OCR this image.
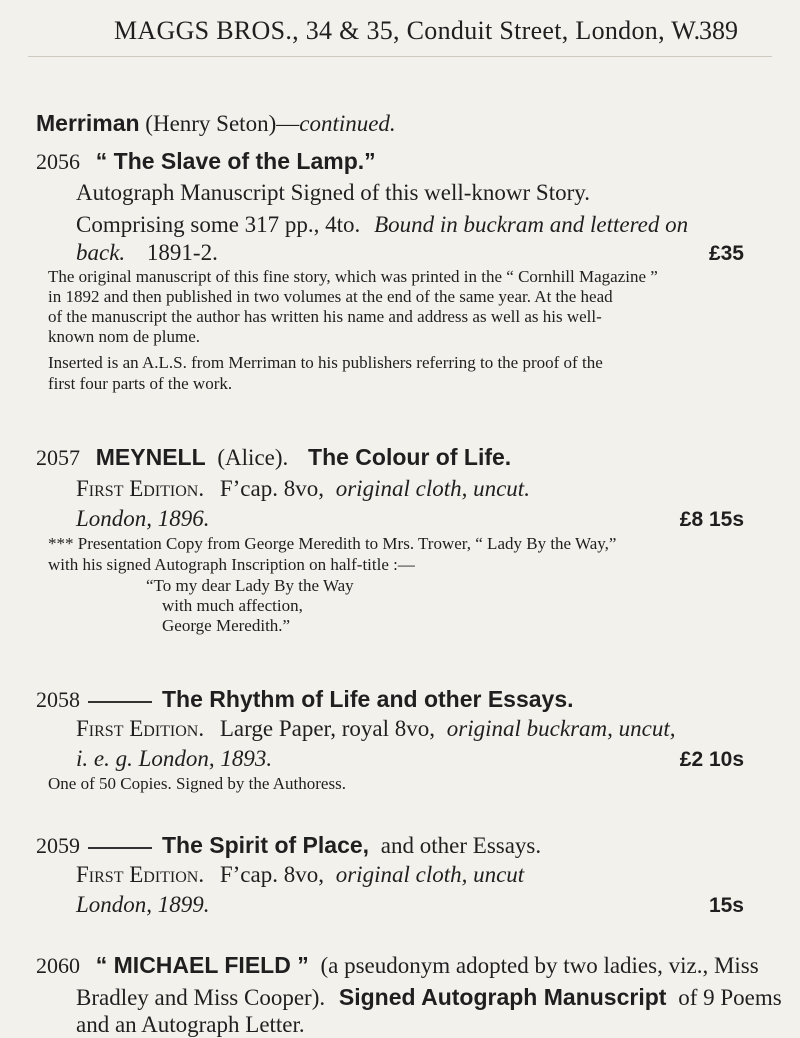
MAGGS BROS., 34 & 35, Conduit Street, London, W.
389
Merriman (Henry Seton)—continued.
2056 “ The Slave of the Lamp.”
Autograph Manuscript Signed of this well-knowr Story.
Comprising some 317 pp., 4to. Bound in buckram and lettered on
back. 1891-2.	£35
The original manuscript of this fine story, which was printed in the “ Cornhill Magazine ”
in 1892 and then published in two volumes at the end of the same year. At the head
of the manuscript the author has written his name and address as well as his well-
known nom de plume.
Inserted is an A.L.S. from Merriman to his publishers referring to the proof of the
first four parts of the work.
2057 MEYNELL (Alice). The Colour of Life.
First Edition. F’cap. 8vo, original cloth, uncut.
London, 1896.	£8 15s
*** Presentation Copy from George Meredith to Mrs. Trower, “ Lady By the Way,”
with his signed Autograph Inscription on half-title :—
“To my dear Lady By the Way
with much affection,
George Meredith.”
2058	The Rhythm of Life and other Essays.
First Edition. Large Paper, royal 8vo, original buckram, uncut,
i. e. g. London, 1893.	£2 10s
One of 50 Copies. Signed by the Authoress.
2059	The Spirit of Place, and other Essays.
First Edition. F’cap. 8vo, original cloth, uncut
London, 1899.	15s
2060 “ MICHAEL FIELD ” (a pseudonym adopted by two ladies, viz., Miss
Bradley and Miss Cooper). Signed Autograph Manuscript of 9 Poems
and an Autograph Letter.
